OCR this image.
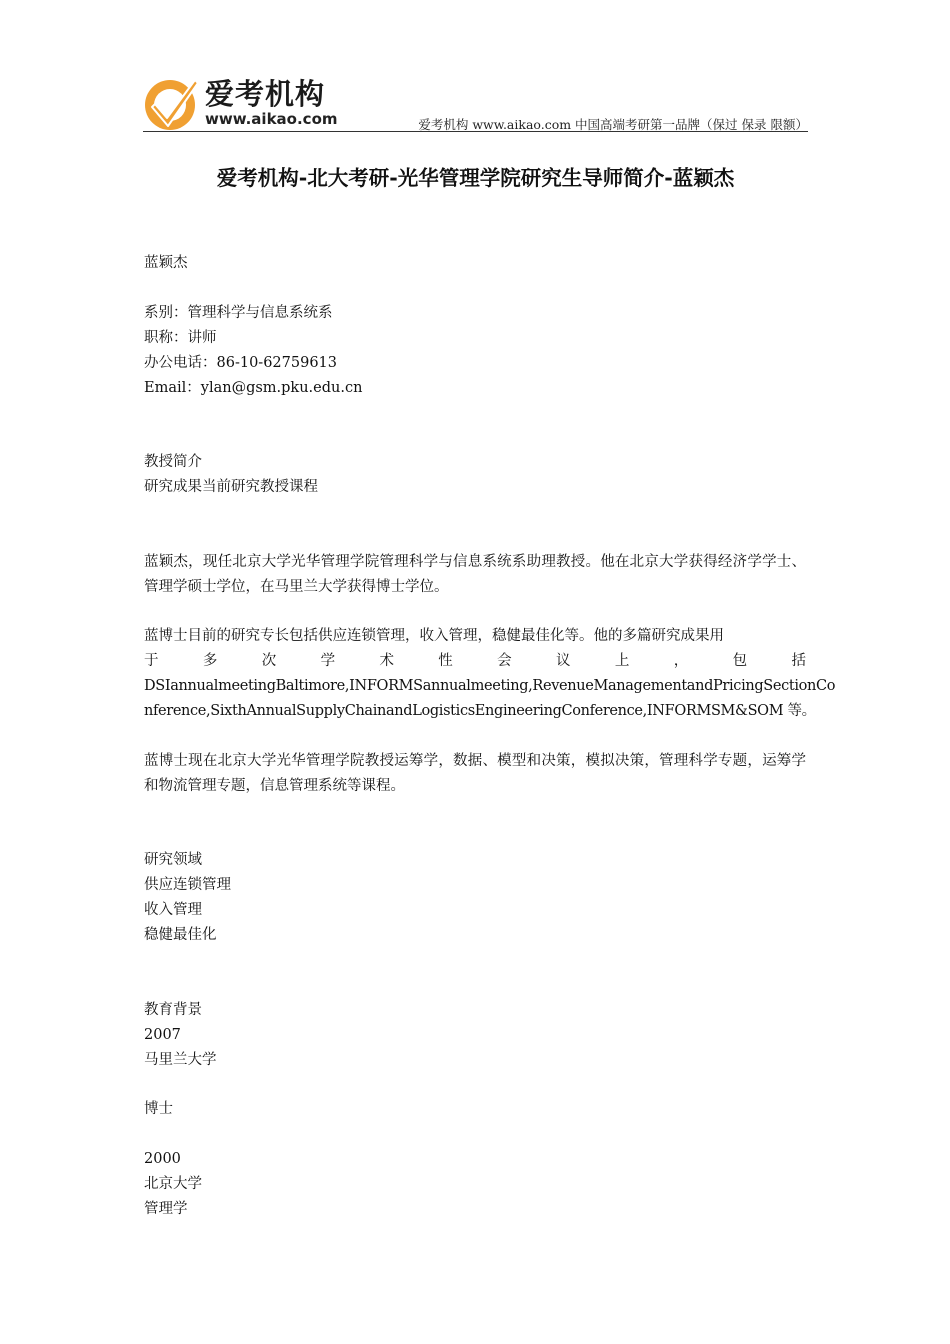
爱考机构
www.aikao.com	爱考机构 www.aikao.com 中国高端考研第一品牌（保过 保录 限额）
爱考机构-北大考研-光华管理学院研究生导师简介-蓝颖杰

蓝颖杰

系别：管理科学与信息系统系

职称：讲师

办公电话：86-10-62759613

Email：ylan@gsm.pku.edu.cn

教授简介

研究成果当前研究教授课程

蓝颖杰，现任北京大学光华管理学院管理科学与信息系统系助理教授。他在北京大学获得经济学学士、管理学硕士学位，在马里兰大学获得博士学位。

蓝博士目前的研究专长包括供应连锁管理，收入管理，稳健最佳化等。他的多篇研究成果用
于	多	次	学	术	性	会	议	上	，	包	括
DSIannualmeetingBaltimore,INFORMSannualmeeting,RevenueManagementandPricingSectionCo
nference,SixthAnnualSupplyChainandLogisticsEngineeringConference,INFORMSM&SOM 等。

蓝博士现在北京大学光华管理学院教授运筹学，数据、模型和决策，模拟决策，管理科学专题，运筹学和物流管理专题，信息管理系统等课程。

研究领域

供应连锁管理

收入管理

稳健最佳化

教育背景

2007

马里兰大学

博士

2000

北京大学

管理学
